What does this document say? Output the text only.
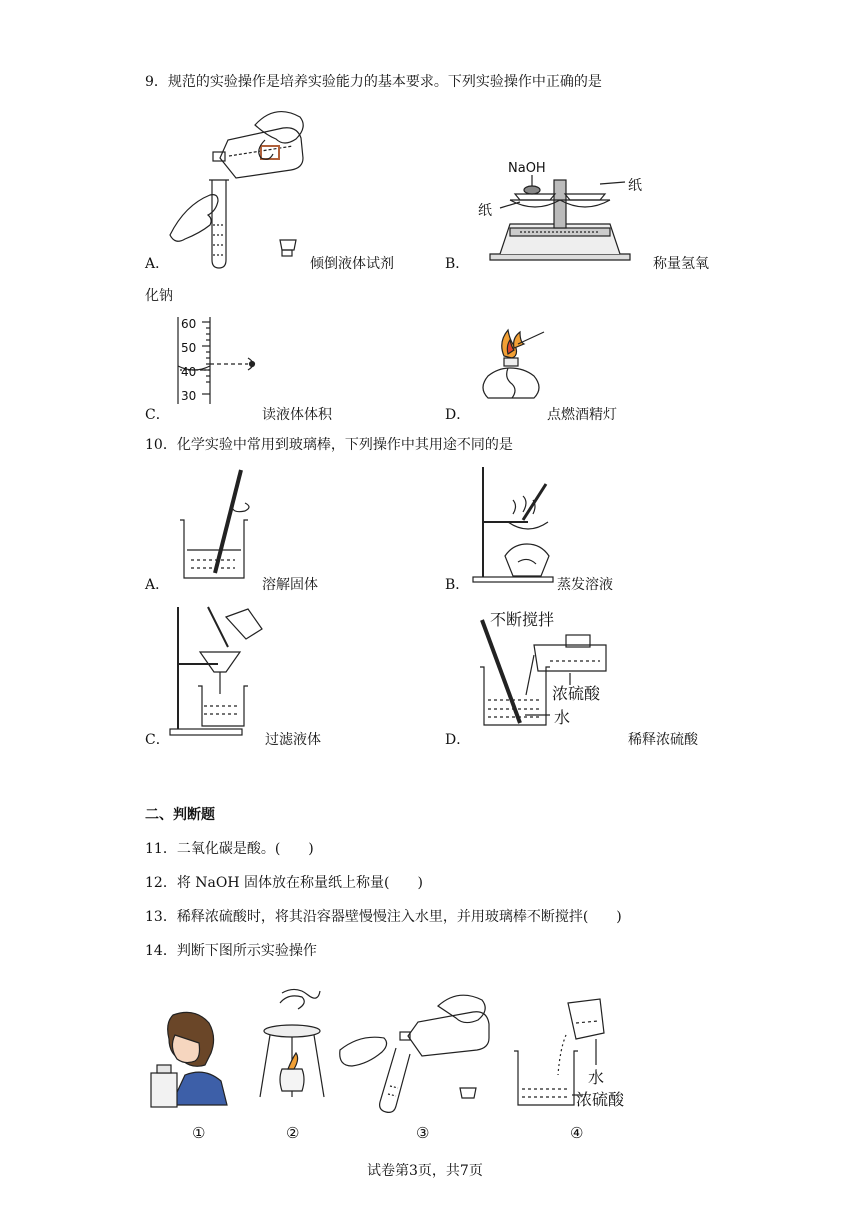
9．规范的实验操作是培养实验能力的基本要求。下列实验操作中正确的是
A．	倾倒液体试剂
NaOH
纸
纸
B．	称量氢氧
化钠
60
50
40
30
C．	读液体体积	D．	点燃酒精灯
10．化学实验中常用到玻璃棒，下列操作中其用途不同的是
A．	溶解固体	B．	蒸发溶液
C．	过滤液体
不断搅拌
浓硫酸
水
D．	稀释浓硫酸
二、判断题
11．二氧化碳是酸。(　　)
12．将 NaOH 固体放在称量纸上称量(　　)
13．稀释浓硫酸时，将其沿容器壁慢慢注入水里，并用玻璃棒不断搅拌(　　)
14．判断下图所示实验操作
①	②	③
水
浓硫酸
④
试卷第3页，共7页
